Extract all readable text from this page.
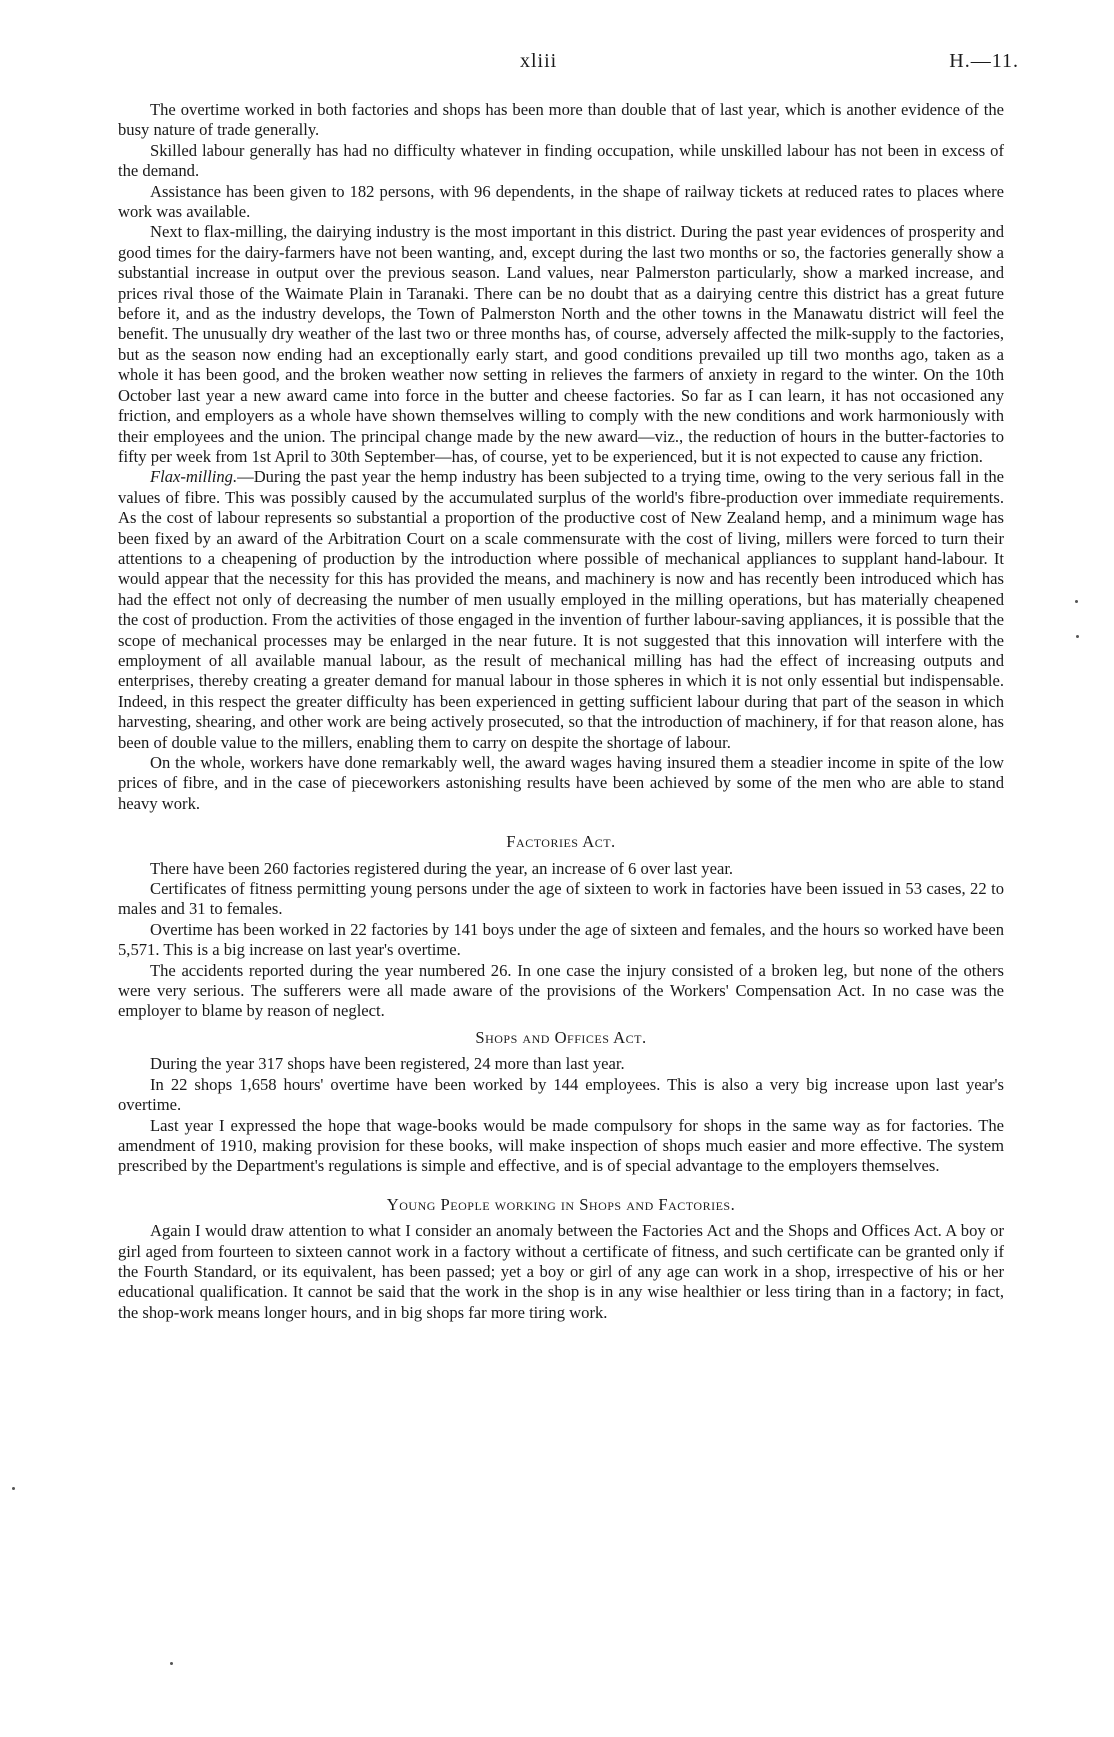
xliii	H.—11.

The overtime worked in both factories and shops has been more than double that of last year, which is another evidence of the busy nature of trade generally.

Skilled labour generally has had no difficulty whatever in finding occupation, while unskilled labour has not been in excess of the demand.

Assistance has been given to 182 persons, with 96 dependents, in the shape of railway tickets at reduced rates to places where work was available.

Next to flax-milling, the dairying industry is the most important in this district. During the past year evidences of prosperity and good times for the dairy-farmers have not been wanting, and, except during the last two months or so, the factories generally show a substantial increase in output over the previous season. Land values, near Palmerston particularly, show a marked increase, and prices rival those of the Waimate Plain in Taranaki. There can be no doubt that as a dairying centre this district has a great future before it, and as the industry develops, the Town of Palmerston North and the other towns in the Manawatu district will feel the benefit. The unusually dry weather of the last two or three months has, of course, adversely affected the milk-supply to the factories, but as the season now ending had an exceptionally early start, and good conditions prevailed up till two months ago, taken as a whole it has been good, and the broken weather now setting in relieves the farmers of anxiety in regard to the winter. On the 10th October last year a new award came into force in the butter and cheese factories. So far as I can learn, it has not occasioned any friction, and employers as a whole have shown themselves willing to comply with the new conditions and work harmoniously with their employees and the union. The principal change made by the new award—viz., the reduction of hours in the butter-factories to fifty per week from 1st April to 30th September—has, of course, yet to be experienced, but it is not expected to cause any friction.

Flax-milling.—During the past year the hemp industry has been subjected to a trying time, owing to the very serious fall in the values of fibre. This was possibly caused by the accumulated surplus of the world's fibre-production over immediate requirements. As the cost of labour represents so substantial a proportion of the productive cost of New Zealand hemp, and a minimum wage has been fixed by an award of the Arbitration Court on a scale commensurate with the cost of living, millers were forced to turn their attentions to a cheapening of production by the introduction where possible of mechanical appliances to supplant hand-labour. It would appear that the necessity for this has provided the means, and machinery is now and has recently been introduced which has had the effect not only of decreasing the number of men usually employed in the milling operations, but has materially cheapened the cost of production. From the activities of those engaged in the invention of further labour-saving appliances, it is possible that the scope of mechanical processes may be enlarged in the near future. It is not suggested that this innovation will interfere with the employment of all available manual labour, as the result of mechanical milling has had the effect of increasing outputs and enterprises, thereby creating a greater demand for manual labour in those spheres in which it is not only essential but indispensable. Indeed, in this respect the greater difficulty has been experienced in getting sufficient labour during that part of the season in which harvesting, shearing, and other work are being actively prosecuted, so that the introduction of machinery, if for that reason alone, has been of double value to the millers, enabling them to carry on despite the shortage of labour.

On the whole, workers have done remarkably well, the award wages having insured them a steadier income in spite of the low prices of fibre, and in the case of pieceworkers astonishing results have been achieved by some of the men who are able to stand heavy work.

Factories Act.

There have been 260 factories registered during the year, an increase of 6 over last year.

Certificates of fitness permitting young persons under the age of sixteen to work in factories have been issued in 53 cases, 22 to males and 31 to females.

Overtime has been worked in 22 factories by 141 boys under the age of sixteen and females, and the hours so worked have been 5,571. This is a big increase on last year's overtime.

The accidents reported during the year numbered 26. In one case the injury consisted of a broken leg, but none of the others were very serious. The sufferers were all made aware of the provisions of the Workers' Compensation Act. In no case was the employer to blame by reason of neglect.

Shops and Offices Act.

During the year 317 shops have been registered, 24 more than last year.

In 22 shops 1,658 hours' overtime have been worked by 144 employees. This is also a very big increase upon last year's overtime.

Last year I expressed the hope that wage-books would be made compulsory for shops in the same way as for factories. The amendment of 1910, making provision for these books, will make inspection of shops much easier and more effective. The system prescribed by the Department's regulations is simple and effective, and is of special advantage to the employers themselves.

Young People working in Shops and Factories.

Again I would draw attention to what I consider an anomaly between the Factories Act and the Shops and Offices Act. A boy or girl aged from fourteen to sixteen cannot work in a factory without a certificate of fitness, and such certificate can be granted only if the Fourth Standard, or its equivalent, has been passed; yet a boy or girl of any age can work in a shop, irrespective of his or her educational qualification. It cannot be said that the work in the shop is in any wise healthier or less tiring than in a factory; in fact, the shop-work means longer hours, and in big shops far more tiring work.
